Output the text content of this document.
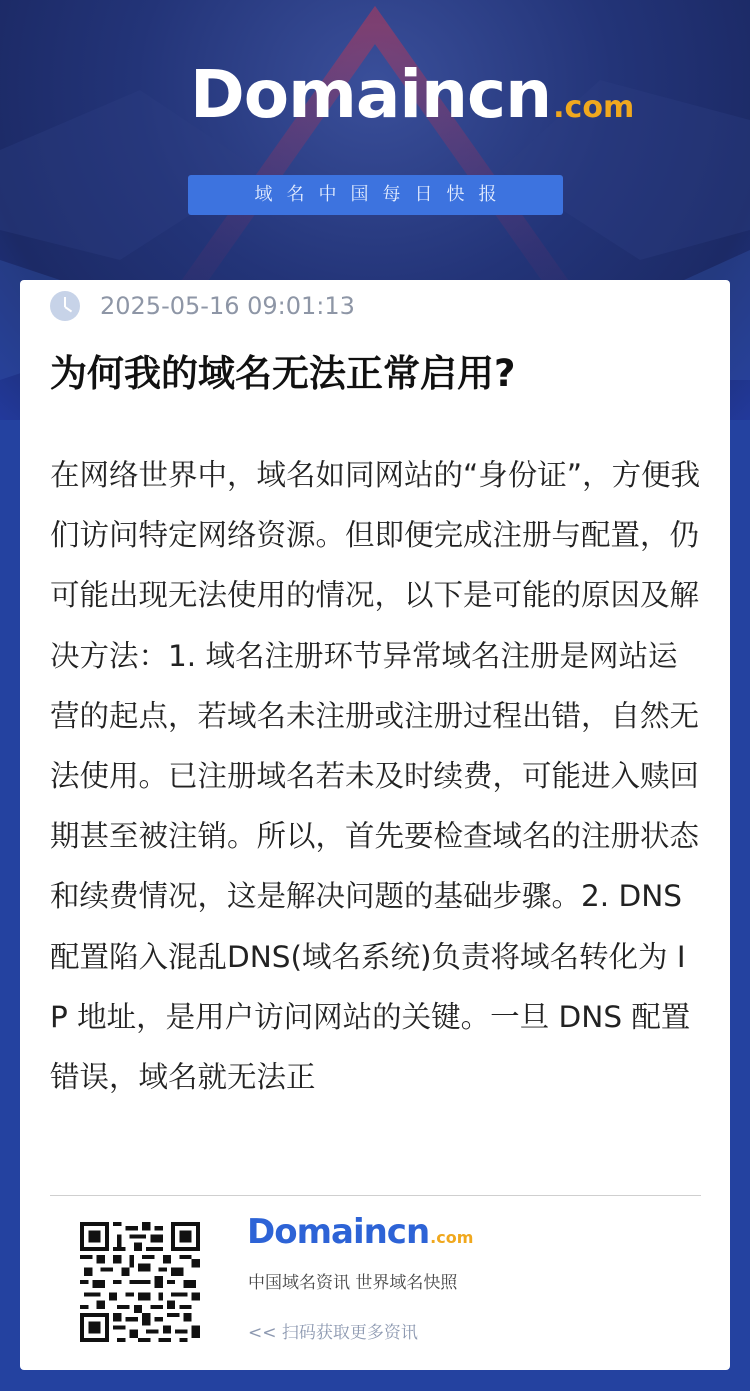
Domaincn .com
域名中国每日快报
2025-05-16 09:01:13
为何我的域名无法正常启用?
在网络世界中，域名如同网站的“身份证”，方便我们访问特定网络资源。但即便完成注册与配置，仍可能出现无法使用的情况，以下是可能的原因及解决方法：1. 域名注册环节异常域名注册是网站运营的起点，若域名未注册或注册过程出错，自然无法使用。已注册域名若未及时续费，可能进入赎回期甚至被注销。所以，首先要检查域名的注册状态和续费情况，这是解决问题的基础步骤。2. DNS 配置陷入混乱DNS(域名系统)负责将域名转化为 IP 地址，是用户访问网站的关键。一旦 DNS 配置错误，域名就无法正
Domaincn .com
中国域名资讯 世界域名快照
<< 扫码获取更多资讯
